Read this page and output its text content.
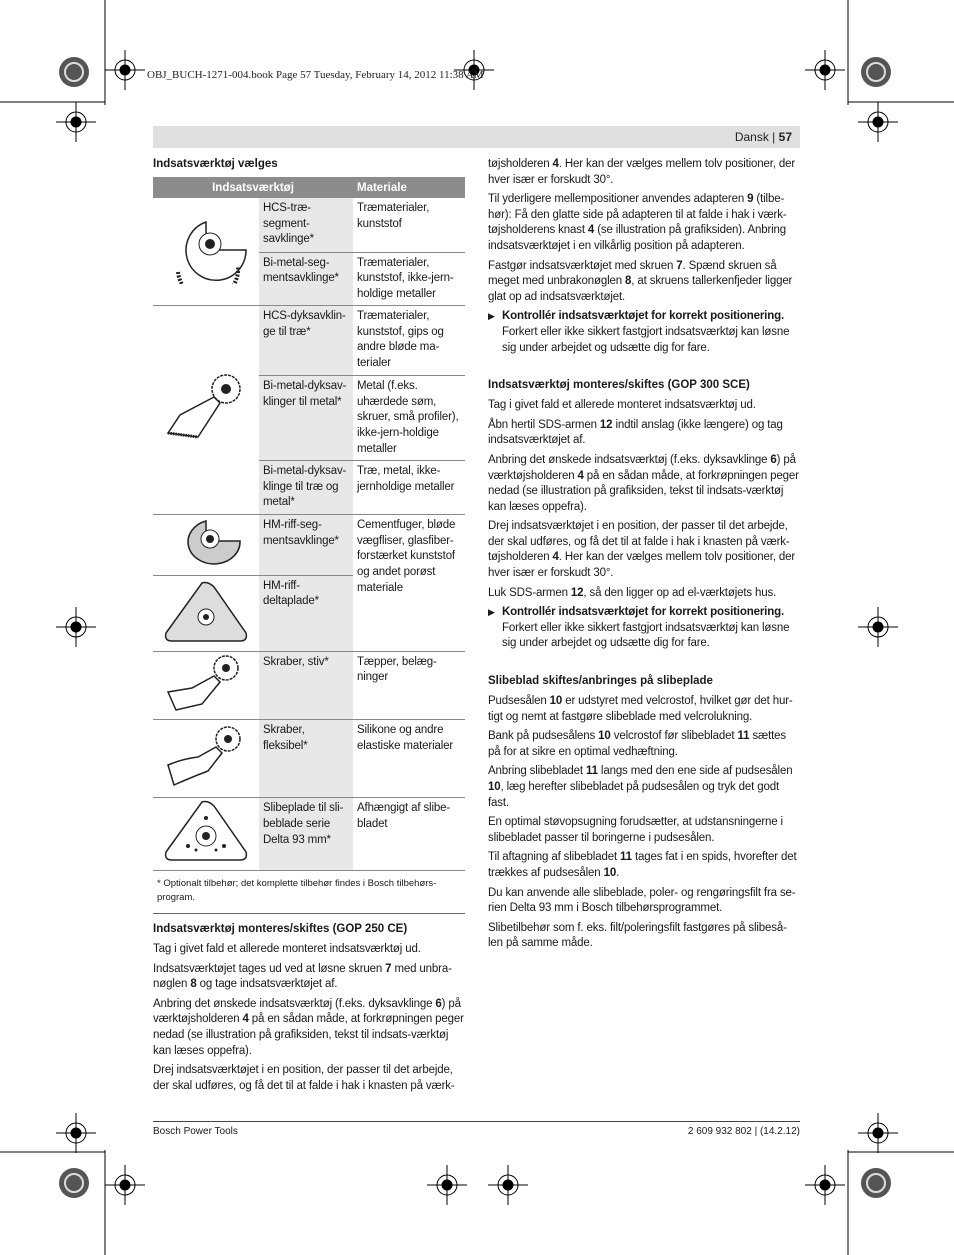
OBJ_BUCH-1271-004.book Page 57 Tuesday, February 14, 2012 11:38 AM
Dansk | 57
Indsatsværktøj vælges
Indsatsværktøj		Materiale
	HCS-træ-segment-savklinge*	Træmaterialer, kunststof
	Bi-metal-seg-mentsavklinge*	Træmaterialer, kunststof, ikke-jern-holdige metaller
	HCS-dyksavklin-ge til træ*	Træmaterialer, kunststof, gips og andre bløde ma-terialer
	Bi-metal-dyksav-klinger til metal*	Metal (f.eks. uhærdede søm, skruer, små profiler), ikke-jern-holdige metaller
	Bi-metal-dyksav-klinge til træ og metal*	Træ, metal, ikke-jernholdige metaller
	HM-riff-seg-mentsavklinge*	Cementfuger, bløde vægfliser, glasfiber-forstærket kunststof og andet porøst materiale
	HM-riff-deltaplade*	
	Skraber, stiv*	Tæpper, belæg-ninger
	Skraber, fleksibel*	Silikone og andre elastiske materialer
	Slibeplade til sli-beblade serie Delta 93 mm*	Afhængigt af slibe-bladet
* Optionalt tilbehør; det komplette tilbehør findes i Bosch tilbehørs-program.
Indsatsværktøj monteres/skiftes (GOP 250 CE)

Tag i givet fald et allerede monteret indsatsværktøj ud.

Indsatsværktøjet tages ud ved at løsne skruen 7 med unbra-nøglen 8 og tage indsatsværktøjet af.

Anbring det ønskede indsatsværktøj (f.eks. dyksavklinge 6) på værktøjsholderen 4 på en sådan måde, at forkrøpningen peger nedad (se illustration på grafiksiden, tekst til indsats-værktøj kan læses oppefra).

Drej indsatsværktøjet i en position, der passer til det arbejde, der skal udføres, og få det til at falde i hak i knasten på værk-

tøjsholderen 4. Her kan der vælges mellem tolv positioner, der hver især er forskudt 30°.

Til yderligere mellempositioner anvendes adapteren 9 (tilbe-hør): Få den glatte side på adapteren til at falde i hak i værk-tøjsholderens knast 4 (se illustration på grafiksiden). Anbring indsatsværktøjet i en vilkårlig position på adapteren.

Fastgør indsatsværktøjet med skruen 7. Spænd skruen så meget med unbrakonøglen 8, at skruens tallerkenfjeder ligger glat op ad indsatsværktøjet.

▶ Kontrollér indsatsværktøjet for korrekt positionering.
Forkert eller ikke sikkert fastgjort indsatsværktøj kan løsne sig under arbejdet og udsætte dig for fare.
Indsatsværktøj monteres/skiftes (GOP 300 SCE)

Tag i givet fald et allerede monteret indsatsværktøj ud.

Åbn hertil SDS-armen 12 indtil anslag (ikke længere) og tag indsatsværktøjet af.

Anbring det ønskede indsatsværktøj (f.eks. dyksavklinge 6) på værktøjsholderen 4 på en sådan måde, at forkrøpningen peger nedad (se illustration på grafiksiden, tekst til indsats-værktøj kan læses oppefra).

Drej indsatsværktøjet i en position, der passer til det arbejde, der skal udføres, og få det til at falde i hak i knasten på værk-tøjsholderen 4. Her kan der vælges mellem tolv positioner, der hver især er forskudt 30°.

Luk SDS-armen 12, så den ligger op ad el-værktøjets hus.

▶ Kontrollér indsatsværktøjet for korrekt positionering.
Forkert eller ikke sikkert fastgjort indsatsværktøj kan løsne sig under arbejdet og udsætte dig for fare.
Slibeblad skiftes/anbringes på slibeplade

Pudsesålen 10 er udstyret med velcrostof, hvilket gør det hur-tigt og nemt at fastgøre slibeblade med velcrolukning.

Bank på pudsesålens 10 velcrostof før slibebladet 11 sættes på for at sikre en optimal vedhæftning.

Anbring slibebladet 11 langs med den ene side af pudsesålen 10, læg herefter slibebladet på pudsesålen og tryk det godt fast.

En optimal støvopsugning forudsætter, at udstansningerne i slibebladet passer til boringerne i pudsesålen.

Til aftagning af slibebladet 11 tages fat i en spids, hvorefter det trækkes af pudsesålen 10.

Du kan anvende alle slibeblade, poler- og rengøringsfilt fra se-rien Delta 93 mm i Bosch tilbehørsprogrammet.

Slibetilbehør som f. eks. filt/poleringsfilt fastgøres på slibeså-len på samme måde.

Bosch Power Tools	2 609 932 802 | (14.2.12)
